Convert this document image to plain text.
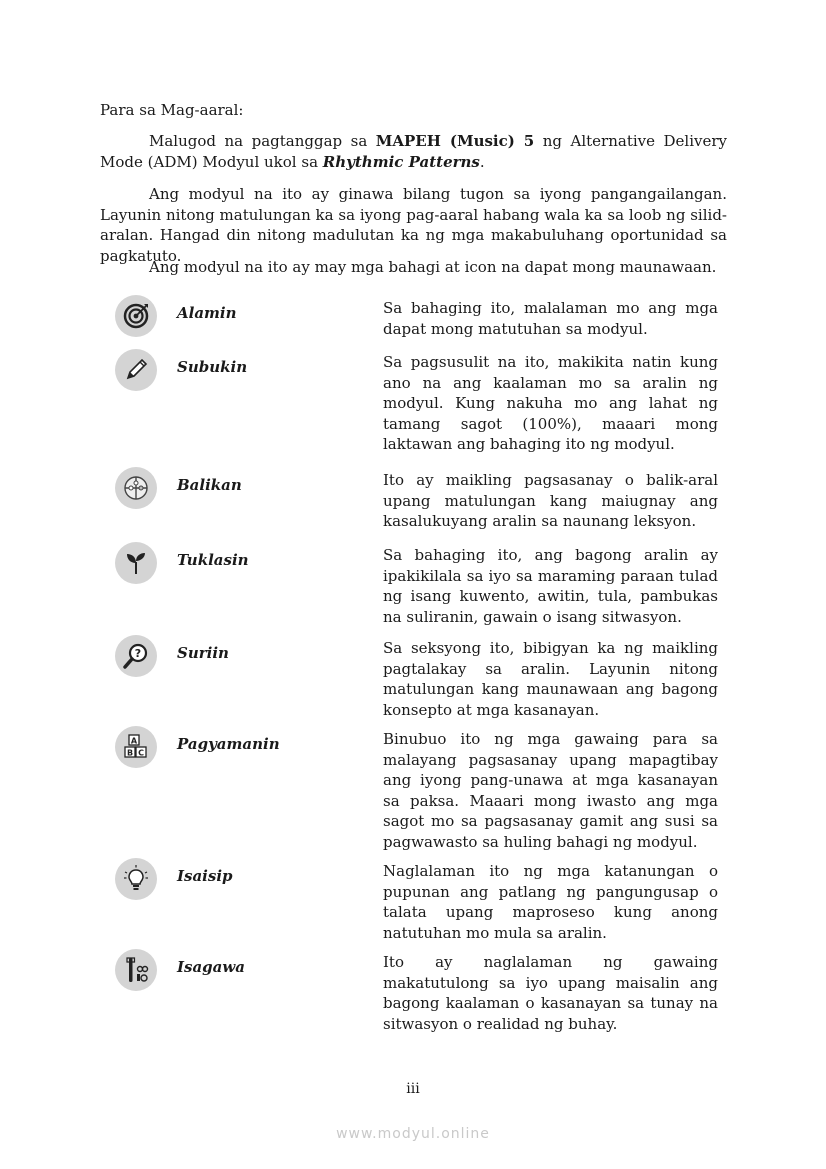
Para sa Mag-aaral:

Malugod na pagtanggap sa MAPEH (Music) 5 ng Alternative Delivery Mode (ADM) Modyul ukol sa Rhythmic Patterns.

Ang modyul na ito ay ginawa bilang tugon sa iyong pangangailangan. Layunin nitong matulungan ka sa iyong pag-aaral habang wala ka sa loob ng silid-aralan. Hangad din nitong madulutan ka ng mga makabuluhang oportunidad sa pagkatuto.

Ang modyul na ito ay may mga bahagi at icon na dapat mong maunawaan.

Alamin	Sa bahaging ito, malalaman mo ang mga dapat mong matutuhan sa modyul.

Subukin	Sa pagsusulit na ito, makikita natin kung ano na ang kaalaman mo sa aralin ng modyul. Kung nakuha mo ang lahat ng tamang sagot (100%), maaari mong laktawan ang bahaging ito ng modyul.

Balikan	Ito ay maikling pagsasanay o balik-aral upang matulungan kang maiugnay ang kasalukuyang aralin sa naunang leksyon.

Tuklasin	Sa bahaging ito, ang bagong aralin ay ipakikilala sa iyo sa maraming paraan tulad ng isang kuwento, awitin, tula, pambukas na suliranin, gawain o isang sitwasyon.

? Suriin	Sa seksyong ito, bibigyan ka ng maikling pagtalakay sa aralin. Layunin nitong matulungan kang maunawaan ang bagong konsepto at mga kasanayan.

A
B C Pagyamanin	Binubuo ito ng mga gawaing para sa malayang pagsasanay upang mapagtibay ang iyong pang-unawa at mga kasanayan sa paksa. Maaari mong iwasto ang mga sagot mo sa pagsasanay gamit ang susi sa pagwawasto sa huling bahagi ng modyul.

Isaisip	Naglalaman ito ng mga katanungan o pupunan ang patlang ng pangungusap o talata upang maproseso kung anong natutuhan mo mula sa aralin.

Isagawa	Ito ay naglalaman ng gawaing makatutulong sa iyo upang maisalin ang bagong kaalaman o kasanayan sa tunay na sitwasyon o realidad ng buhay.

iii
www.modyul.online
